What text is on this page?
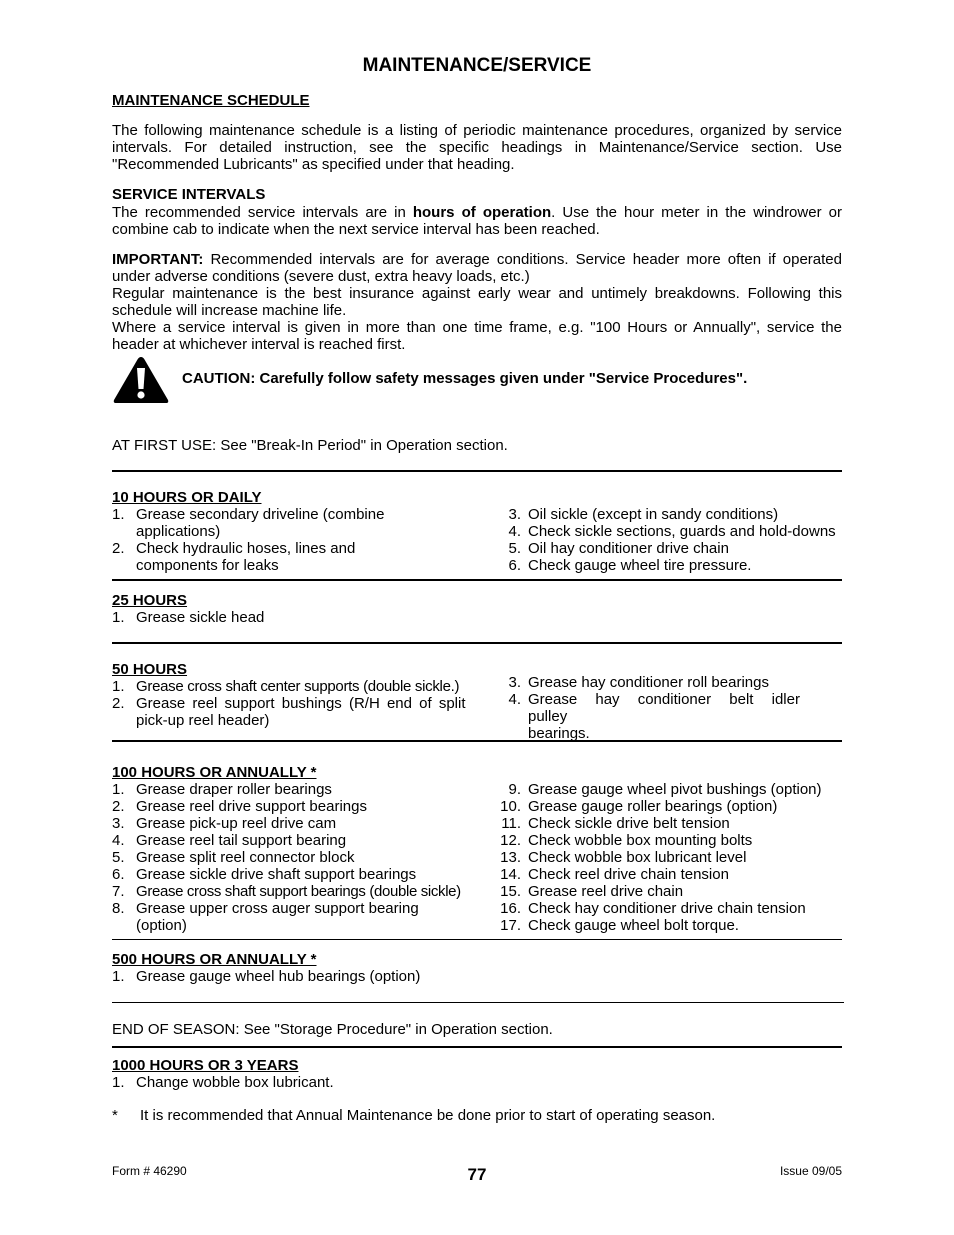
MAINTENANCE/SERVICE
MAINTENANCE SCHEDULE
The following maintenance schedule is a listing of periodic maintenance procedures, organized by service intervals. For detailed instruction, see the specific headings in Maintenance/Service section. Use "Recommended Lubricants" as specified under that heading.
SERVICE INTERVALS
The recommended service intervals are in hours of operation. Use the hour meter in the windrower or combine cab to indicate when the next service interval has been reached.
IMPORTANT: Recommended intervals are for average conditions. Service header more often if operated under adverse conditions (severe dust, extra heavy loads, etc.)
Regular maintenance is the best insurance against early wear and untimely breakdowns. Following this schedule will increase machine life.
Where a service interval is given in more than one time frame, e.g. "100 Hours or Annually", service the header at whichever interval is reached first.
CAUTION: Carefully follow safety messages given under "Service Procedures".
AT FIRST USE: See "Break-In Period" in Operation section.
10 HOURS OR DAILY
1. Grease secondary driveline (combine
applications)
2. Check hydraulic hoses, lines and
components for leaks
3. Oil sickle (except in sandy conditions)
4. Check sickle sections, guards and hold-downs
5. Oil hay conditioner drive chain
6. Check gauge wheel tire pressure.
25 HOURS
1. Grease sickle head
50 HOURS
1. Grease cross shaft center supports (double sickle.)
2. Grease reel support bushings (R/H end of split
pick-up reel header)
3. Grease hay conditioner roll bearings
4. Grease hay conditioner belt idler pulley
bearings.
100 HOURS OR ANNUALLY *
1. Grease draper roller bearings
2. Grease reel drive support bearings
3. Grease pick-up reel drive cam
4. Grease reel tail support bearing
5. Grease split reel connector block
6. Grease sickle drive shaft support bearings
7. Grease cross shaft support bearings (double sickle)
8. Grease upper cross auger support bearing
(option)
9. Grease gauge wheel pivot bushings (option)
10. Grease gauge roller bearings (option)
11. Check sickle drive belt tension
12. Check wobble box mounting bolts
13. Check wobble box lubricant level
14. Check reel drive chain tension
15. Grease reel drive chain
16. Check hay conditioner drive chain tension
17. Check gauge wheel bolt torque.
500 HOURS OR ANNUALLY *
1. Grease gauge wheel hub bearings (option)
END OF SEASON: See "Storage Procedure" in Operation section.
1000 HOURS OR 3 YEARS
1. Change wobble box lubricant.
* It is recommended that Annual Maintenance be done prior to start of operating season.
Form # 46290	77	Issue 09/05
